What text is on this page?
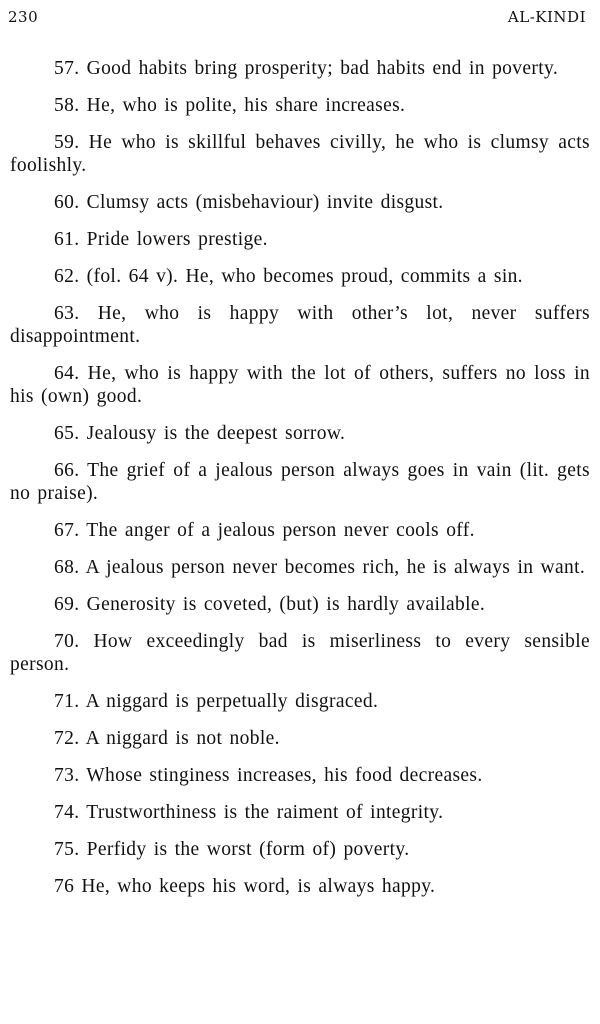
230	AL-KINDI

57. Good habits bring prosperity; bad habits end in poverty.

58. He, who is polite, his share increases.

59. He who is skillful behaves civilly, he who is clumsy acts foolishly.

60. Clumsy acts (misbehaviour) invite disgust.

61. Pride lowers prestige.

62. (fol. 64 v). He, who becomes proud, commits a sin.

63. He, who is happy with other’s lot, never suffers disappointment.

64. He, who is happy with the lot of others, suffers no loss in his (own) good.

65. Jealousy is the deepest sorrow.

66. The grief of a jealous person always goes in vain (lit. gets no praise).

67. The anger of a jealous person never cools off.

68. A jealous person never becomes rich, he is always in want.

69. Generosity is coveted, (but) is hardly available.

70. How exceedingly bad is miserliness to every sensible person.

71. A niggard is perpetually disgraced.

72. A niggard is not noble.

73. Whose stinginess increases, his food decreases.

74. Trustworthiness is the raiment of integrity.

75. Perfidy is the worst (form of) poverty.

76 He, who keeps his word, is always happy.
